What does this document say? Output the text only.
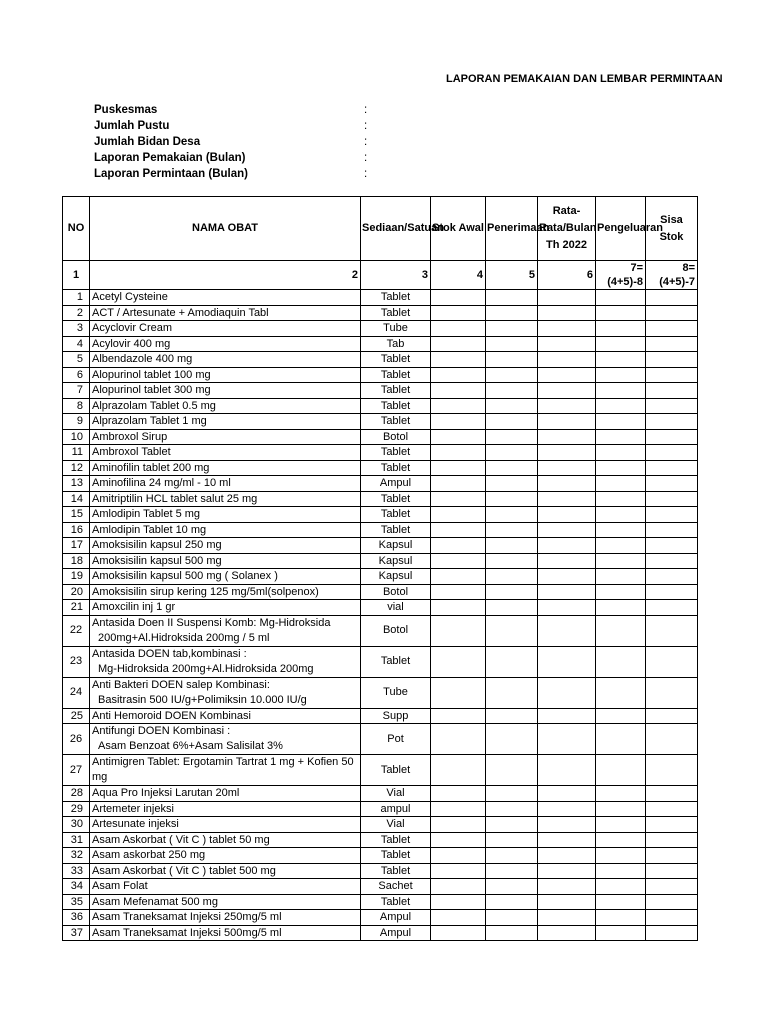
LAPORAN PEMAKAIAN DAN LEMBAR PERMINTAAN
Puskesmas	:
Jumlah Pustu	:
Jumlah Bidan Desa	:
Laporan Pemakaian (Bulan)	:
Laporan Permintaan (Bulan)	:
NO	NAMA OBAT	Sediaan/Satuan	Stok Awal	Penerimaan	Rata-Rata/Bulan Th 2022	Pengeluaran	Sisa Stok
1	2	3	4	5	6	7=(4+5)-8	8=(4+5)-7
1	Acetyl Cysteine	Tablet					
2	ACT / Artesunate + Amodiaquin Tabl	Tablet					
3	Acyclovir Cream	Tube					
4	Acylovir 400 mg	Tab					
5	Albendazole 400 mg	Tablet					
6	Alopurinol tablet 100 mg	Tablet					
7	Alopurinol tablet 300 mg	Tablet					
8	Alprazolam Tablet 0.5 mg	Tablet					
9	Alprazolam Tablet 1 mg	Tablet					
10	Ambroxol Sirup	Botol					
11	Ambroxol Tablet	Tablet					
12	Aminofilin tablet 200 mg	Tablet					
13	Aminofilina 24 mg/ml - 10 ml	Ampul					
14	Amitriptilin HCL tablet salut 25 mg	Tablet					
15	Amlodipin Tablet 5 mg	Tablet					
16	Amlodipin Tablet 10 mg	Tablet					
17	Amoksisilin kapsul 250 mg	Kapsul					
18	Amoksisilin kapsul 500 mg	Kapsul					
19	Amoksisilin kapsul 500 mg ( Solanex )	Kapsul					
20	Amoksisilin sirup kering 125 mg/5ml(solpenox)	Botol					
21	Amoxcilin inj 1 gr	vial					
22	Antasida Doen II Suspensi Komb: Mg-Hidroksida
200mg+Al.Hidroksida 200mg / 5 ml	Botol					
23	Antasida DOEN tab,kombinasi :
Mg-Hidroksida 200mg+Al.Hidroksida 200mg	Tablet					
24	Anti Bakteri DOEN salep Kombinasi:
Basitrasin 500 IU/g+Polimiksin 10.000 IU/g	Tube					
25	Anti Hemoroid DOEN Kombinasi	Supp					
26	Antifungi DOEN Kombinasi :
Asam Benzoat 6%+Asam Salisilat 3%	Pot					
27	Antimigren Tablet: Ergotamin Tartrat 1 mg + Kofien 50
mg	Tablet					
28	Aqua Pro Injeksi Larutan 20ml	Vial					
29	Artemeter injeksi	ampul					
30	Artesunate injeksi	Vial					
31	Asam Askorbat ( Vit C ) tablet 50 mg	Tablet					
32	Asam askorbat 250 mg	Tablet					
33	Asam Askorbat ( Vit C ) tablet 500 mg	Tablet					
34	Asam Folat	Sachet					
35	Asam Mefenamat 500 mg	Tablet					
36	Asam Traneksamat Injeksi 250mg/5 ml	Ampul					
37	Asam Traneksamat Injeksi 500mg/5 ml	Ampul					
